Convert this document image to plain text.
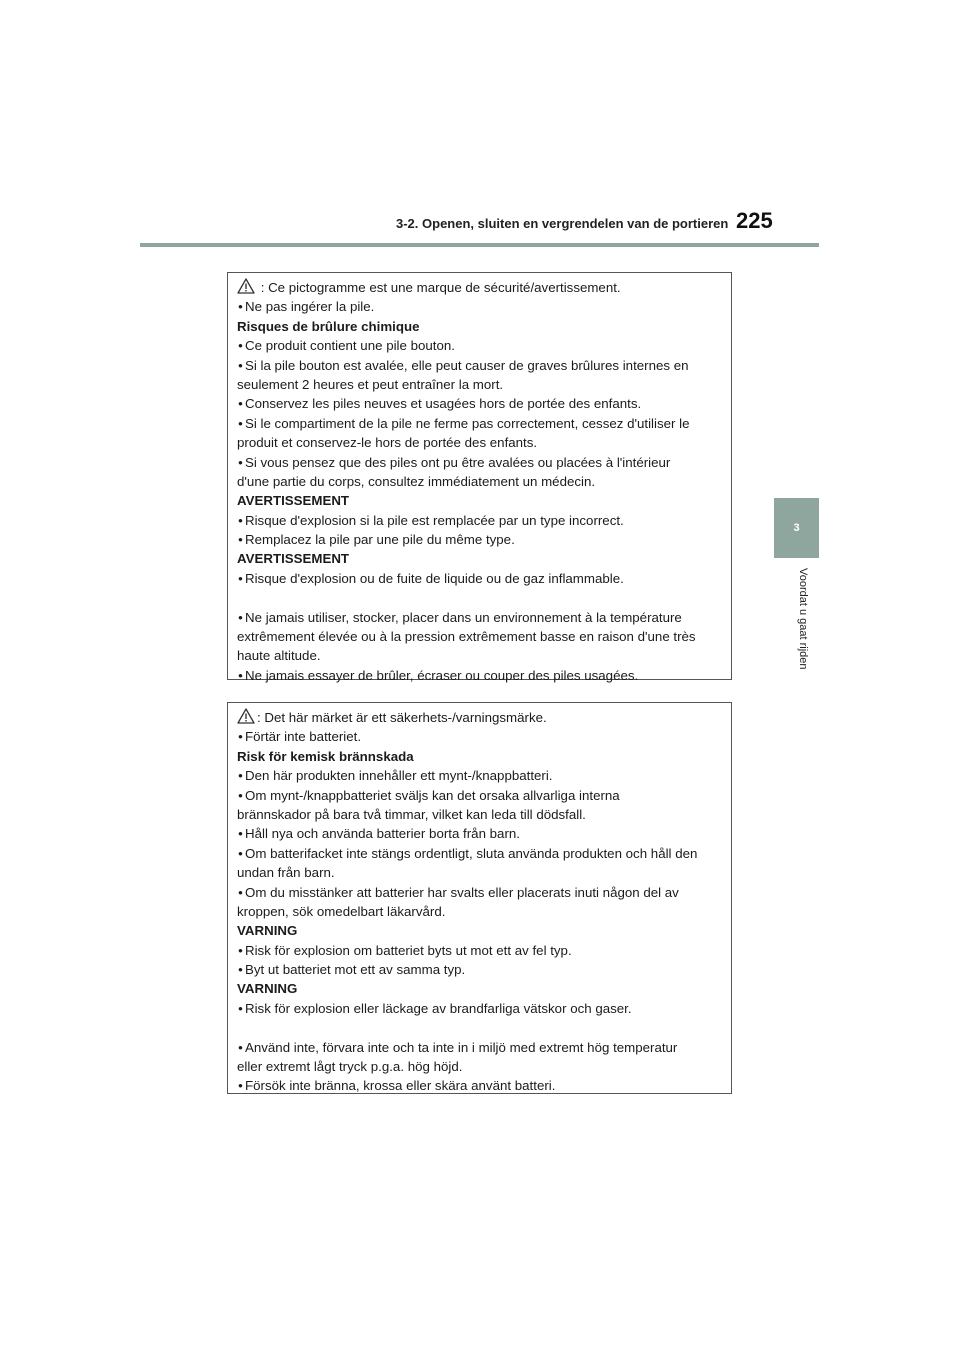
3-2. Openen, sluiten en vergrendelen van de portieren 225
3
Voordat u gaat rijden
: Ce pictogramme est une marque de sécurité/avertissement.
• Ne pas ingérer la pile.
Risques de brûlure chimique
• Ce produit contient une pile bouton.
• Si la pile bouton est avalée, elle peut causer de graves brûlures internes en
seulement 2 heures et peut entraîner la mort.
• Conservez les piles neuves et usagées hors de portée des enfants.
• Si le compartiment de la pile ne ferme pas correctement, cessez d'utiliser le
produit et conservez-le hors de portée des enfants.
• Si vous pensez que des piles ont pu être avalées ou placées à l'intérieur
d'une partie du corps, consultez immédiatement un médecin.
AVERTISSEMENT
• Risque d'explosion si la pile est remplacée par un type incorrect.
• Remplacez la pile par une pile du même type.
AVERTISSEMENT
• Risque d'explosion ou de fuite de liquide ou de gaz inflammable.
• Ne jamais utiliser, stocker, placer dans un environnement à la température
extrêmement élevée ou à la pression extrêmement basse en raison d'une très
haute altitude.
• Ne jamais essayer de brûler, écraser ou couper des piles usagées.
: Det här märket är ett säkerhets-/varningsmärke.
• Förtär inte batteriet.
Risk för kemisk brännskada
• Den här produkten innehåller ett mynt-/knappbatteri.
• Om mynt-/knappbatteriet sväljs kan det orsaka allvarliga interna
brännskador på bara två timmar, vilket kan leda till dödsfall.
• Håll nya och använda batterier borta från barn.
• Om batterifacket inte stängs ordentligt, sluta använda produkten och håll den
undan från barn.
• Om du misstänker att batterier har svalts eller placerats inuti någon del av
kroppen, sök omedelbart läkarvård.
VARNING
• Risk för explosion om batteriet byts ut mot ett av fel typ.
• Byt ut batteriet mot ett av samma typ.
VARNING
• Risk för explosion eller läckage av brandfarliga vätskor och gaser.
• Använd inte, förvara inte och ta inte in i miljö med extremt hög temperatur
eller extremt lågt tryck p.g.a. hög höjd.
• Försök inte bränna, krossa eller skära använt batteri.
